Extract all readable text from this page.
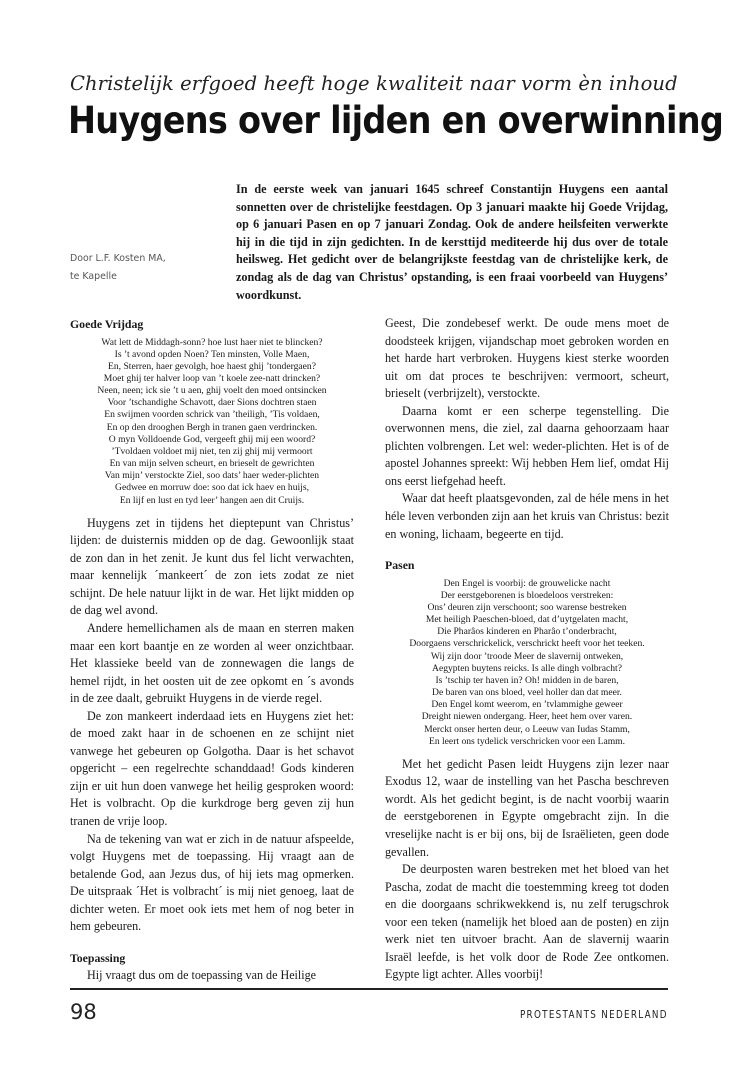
Christelijk erfgoed heeft hoge kwaliteit naar vorm èn inhoud
Huygens over lijden en overwinning
In de eerste week van januari 1645 schreef Constantijn Huygens een aantal sonnetten over de christelijke feestdagen. Op 3 januari maakte hij Goede Vrijdag, op 6 januari Pasen en op 7 januari Zondag. Ook de andere heilsfeiten verwerkte hij in die tijd in zijn gedichten. In de kersttijd mediteerde hij dus over de totale heilsweg. Het gedicht over de belangrijkste feestdag van de christelijke kerk, de zondag als de dag van Christus’ opstanding, is een fraai voorbeeld van Huygens’ woordkunst.
Door L.F. Kosten MA,
te Kapelle

Goede Vrijdag

Wat lett de Middagh-sonn? hoe lust haer niet te blincken?
Is ’t avond opden Noen? Ten minsten, Volle Maen,
En, Sterren, haer gevolgh, hoe haest ghij ’tondergaen?
Moet ghij ter halver loop van ’t koele zee-natt drincken?
Neen, neen; ick sie ’t u aen, ghij voelt den moed ontsincken
Voor ’tschandighe Schavott, daer Sions dochtren staen
En swijmen voorden schrick van ’theiligh, ’Tis voldaen,
En op den drooghen Bergh in tranen gaen verdrincken.
O myn Volldoende God, vergeeft ghij mij een woord?
’Tvoldaen voldoet mij niet, ten zij ghij mij vermoort
En van mijn selven scheurt, en brieselt de gewrichten
Van mijn’ verstockte Ziel, soo dats’ haer weder-plichten
Gedwee en morruw doe: soo dat ick haev en huijs,
En lijf en lust en tyd leer’ hangen aen dit Cruijs.

Huygens zet in tijdens het dieptepunt van Christus’ lijden: de duisternis midden op de dag. Gewoonlijk staat de zon dan in het zenit. Je kunt dus fel licht verwachten, maar kennelijk ´mankeert´ de zon iets zodat ze niet schijnt. De hele natuur lijkt in de war. Het lijkt midden op de dag wel avond.

Andere hemellichamen als de maan en sterren maken maar een kort baantje en ze worden al weer onzichtbaar. Het klassieke beeld van de zonnewagen die langs de hemel rijdt, in het oosten uit de zee opkomt en ´s avonds in de zee daalt, gebruikt Huygens in de vierde regel.

De zon mankeert inderdaad iets en Huygens ziet het: de moed zakt haar in de schoenen en ze schijnt niet vanwege het gebeuren op Golgotha. Daar is het schavot opgericht – een regelrechte schanddaad! Gods kinderen zijn er uit hun doen vanwege het heilig gesproken woord: Het is volbracht. Op die kurkdroge berg geven zij hun tranen de vrije loop.

Na de tekening van wat er zich in de natuur afspeelde, volgt Huygens met de toepassing. Hij vraagt aan de betalende God, aan Jezus dus, of hij iets mag opmerken. De uitspraak ´Het is volbracht´ is mij niet genoeg, laat de dichter weten. Er moet ook iets met hem of nog beter in hem gebeuren.

Toepassing

Hij vraagt dus om de toepassing van de Heilige

Geest, Die zondebesef werkt. De oude mens moet de doodsteek krijgen, vijandschap moet gebroken worden en het harde hart verbroken. Huygens kiest sterke woorden uit om dat proces te beschrijven: vermoort, scheurt, brieselt (verbrijzelt), verstockte.

Daarna komt er een scherpe tegenstelling. Die overwonnen mens, die ziel, zal daarna gehoorzaam haar plichten volbrengen. Let wel: weder-plichten. Het is of de apostel Johannes spreekt: Wij hebben Hem lief, omdat Hij ons eerst liefgehad heeft.

Waar dat heeft plaatsgevonden, zal de héle mens in het héle leven verbonden zijn aan het kruis van Christus: bezit en woning, lichaam, begeerte en tijd.

Pasen

Den Engel is voorbij: de grouwelicke nacht
Der eerstgeborenen is bloedeloos verstreken:
Ons’ deuren zijn verschoont; soo warense bestreken
Met heiligh Paeschen-bloed, dat d’uytgelaten macht,
Die Pharâos kinderen en Pharâo t’onderbracht,
Doorgaens verschrickelick, verschrickt heeft voor het teeken.
Wij zijn door ’troode Meer de slavernij ontweken,
Aegypten buytens reicks. Is alle dingh volbracht?
Is ’tschip ter haven in? Oh! midden in de baren,
De baren van ons bloed, veel holler dan dat meer.
Den Engel komt weerom, en ’tvlammighe geweer
Dreight niewen ondergang. Heer, heet hem over varen.
Merckt onser herten deur, o Leeuw van Iudas Stamm,
En leert ons tydelick verschricken voor een Lamm.

Met het gedicht Pasen leidt Huygens zijn lezer naar Exodus 12, waar de instelling van het Pascha beschreven wordt. Als het gedicht begint, is de nacht voorbij waarin de eerstgeborenen in Egypte omgebracht zijn. In die vreselijke nacht is er bij ons, bij de Israëlieten, geen dode gevallen.

De deurposten waren bestreken met het bloed van het Pascha, zodat de macht die toestemming kreeg tot doden en die doorgaans schrikwekkend is, nu zelf terugschrok voor een teken (namelijk het bloed aan de posten) en zijn werk niet ten uitvoer bracht. Aan de slavernij waarin Israël leefde, is het volk door de Rode Zee ontkomen. Egypte ligt achter. Alles voorbij!

98	PROTESTANTS NEDERLAND
